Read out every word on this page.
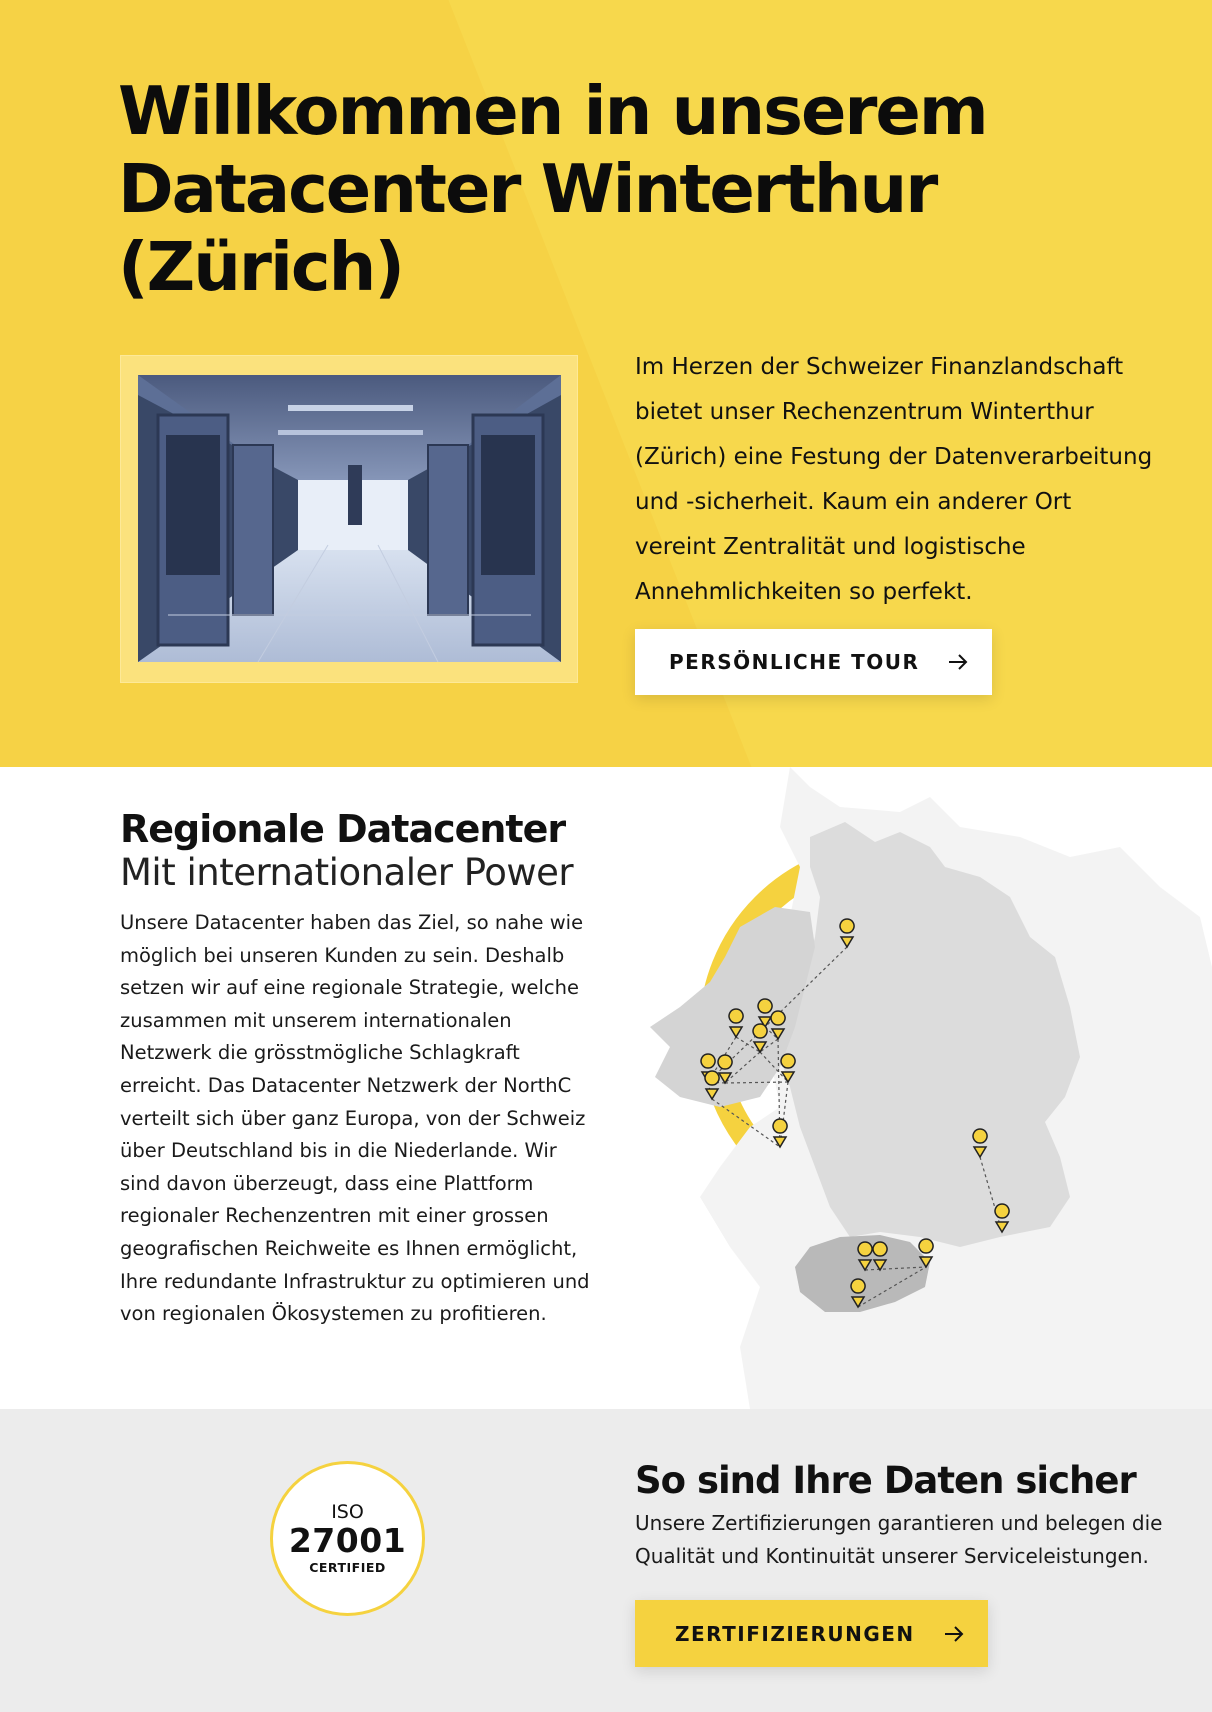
Willkommen in unserem Datacenter Winterthur (Zürich)

Im Herzen der Schweizer Finanzlandschaft bietet unser Rechenzentrum Winterthur (Zürich) eine Festung der Datenverarbeitung und -sicherheit. Kaum ein anderer Ort vereint Zentralität und logistische Annehmlichkeiten so perfekt.

PERSÖNLICHE TOUR
Regionale Datacenter
Mit internationaler Power

Unsere Datacenter haben das Ziel, so nahe wie möglich bei unseren Kunden zu sein. Deshalb setzen wir auf eine regionale Strategie, welche zusammen mit unserem internationalen Netzwerk die grösstmögliche Schlagkraft erreicht. Das Datacenter Netzwerk der NorthC verteilt sich über ganz Europa, von der Schweiz über Deutschland bis in die Niederlande. Wir sind davon überzeugt, dass eine Plattform regionaler Rechenzentren mit einer grossen geografischen Reichweite es Ihnen ermöglicht, Ihre redundante Infrastruktur zu optimieren und von regionalen Ökosystemen zu profitieren.

ISO
27001
CERTIFIED
So sind Ihre Daten sicher

Unsere Zertifizierungen garantieren und belegen die Qualität und Kontinuität unserer Serviceleistungen.

ZERTIFIZIERUNGEN
